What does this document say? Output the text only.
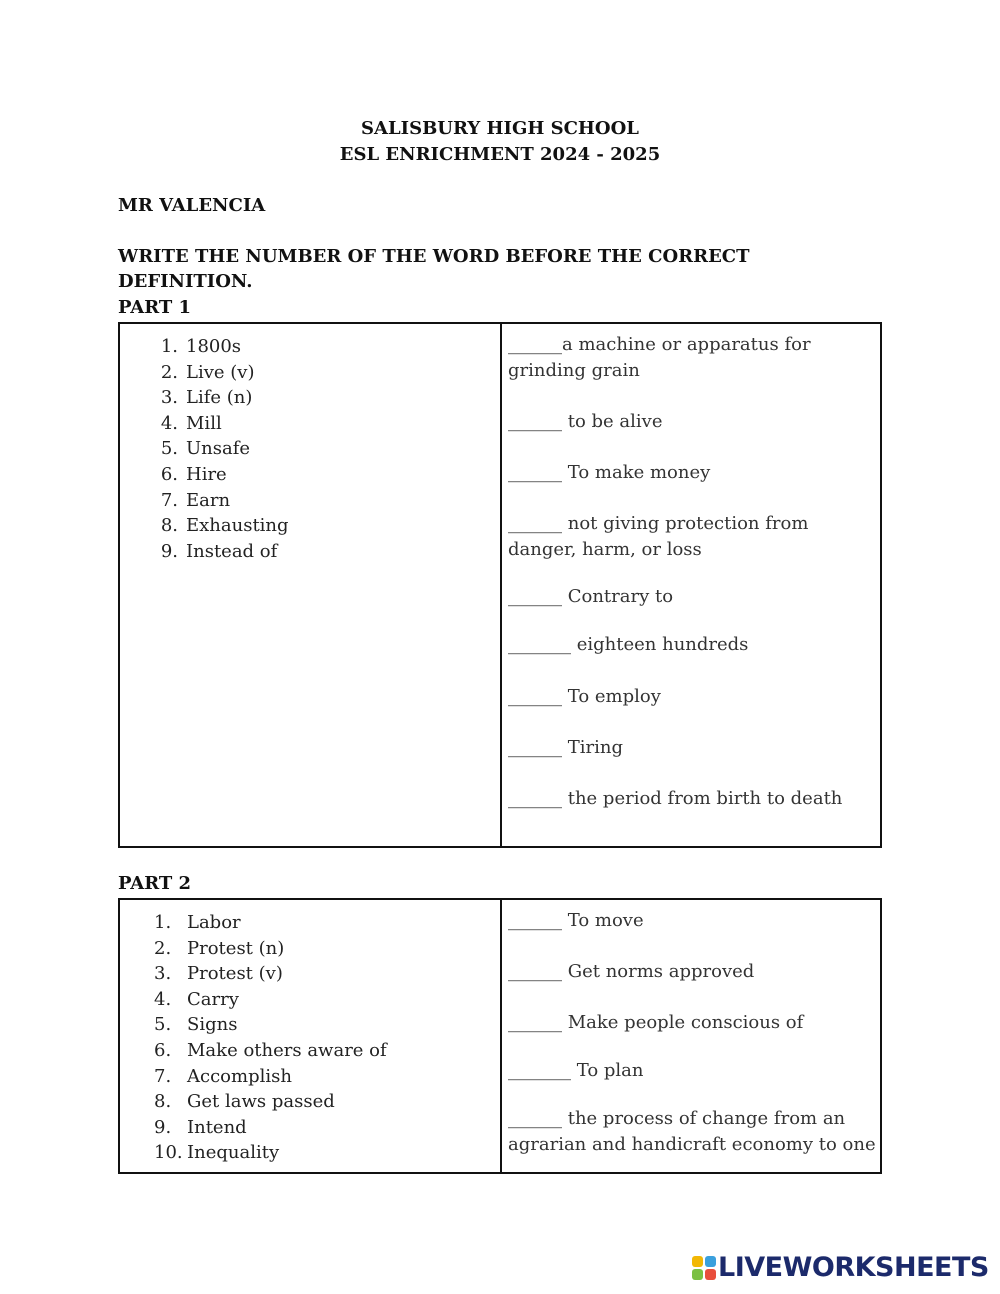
SALISBURY HIGH SCHOOL
ESL ENRICHMENT 2024 - 2025
MR VALENCIA
WRITE THE NUMBER OF THE WORD BEFORE THE CORRECT
DEFINITION.
PART 1
1. 1800s
2. Live (v)
3. Life (n)
4. Mill
5. Unsafe
6. Hire
7. Earn
8. Exhausting
9. Instead of
______a machine or apparatus for grinding grain
______ to be alive
______ To make money
______ not giving protection from danger, harm, or loss
______ Contrary to
_______ eighteen hundreds
______ To employ
______ Tiring
______ the period from birth to death
PART 2
1. Labor
2. Protest (n)
3. Protest (v)
4. Carry
5. Signs
6. Make others aware of
7. Accomplish
8. Get laws passed
9. Intend
10. Inequality
______ To move
______ Get norms approved
______ Make people conscious of
_______ To plan
______ the process of change from an agrarian and handicraft economy to one
LIVEWORKSHEETS
